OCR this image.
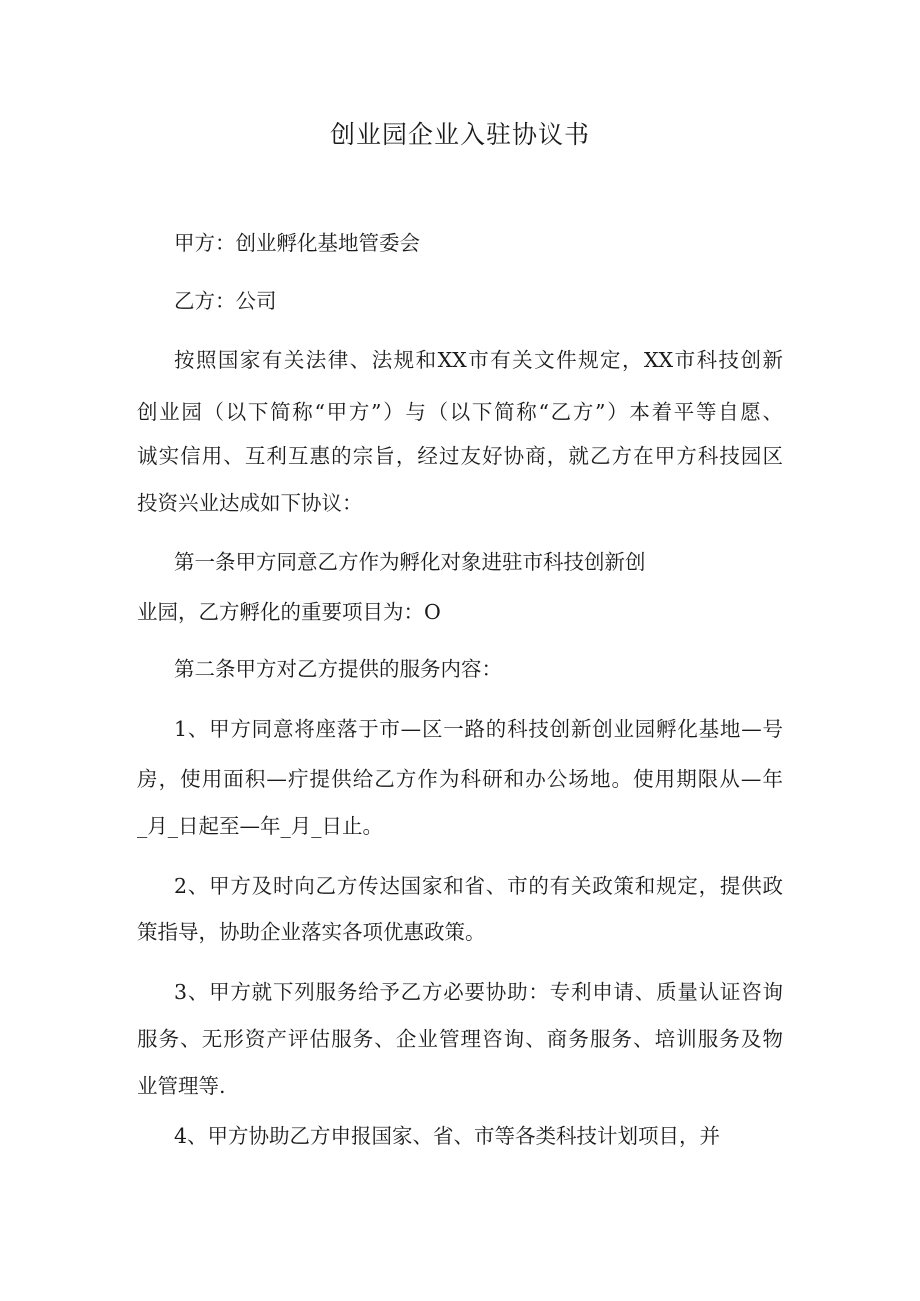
创业园企业入驻协议书
甲方：创业孵化基地管委会
乙方：公司
按照国家有关法律、法规和XX市有关文件规定，XX市科技创新
创业园（以下简称“甲方”）与（以下简称“乙方”）本着平等自愿、
诚实信用、互利互惠的宗旨，经过友好协商，就乙方在甲方科技园区
投资兴业达成如下协议：
第一条甲方同意乙方作为孵化对象进驻市科技创新创
业园，乙方孵化的重要项目为：O
第二条甲方对乙方提供的服务内容：
1、甲方同意将座落于市—区一路的科技创新创业园孵化基地—号
房，使用面积—疔提供给乙方作为科研和办公场地。使用期限从—年
_月_日起至—年_月_日止。
2、甲方及时向乙方传达国家和省、市的有关政策和规定，提供政
策指导，协助企业落实各项优惠政策。
3、甲方就下列服务给予乙方必要协助：专利申请、质量认证咨询
服务、无形资产评估服务、企业管理咨询、商务服务、培训服务及物
业管理等.
4、甲方协助乙方申报国家、省、市等各类科技计划项目，并
